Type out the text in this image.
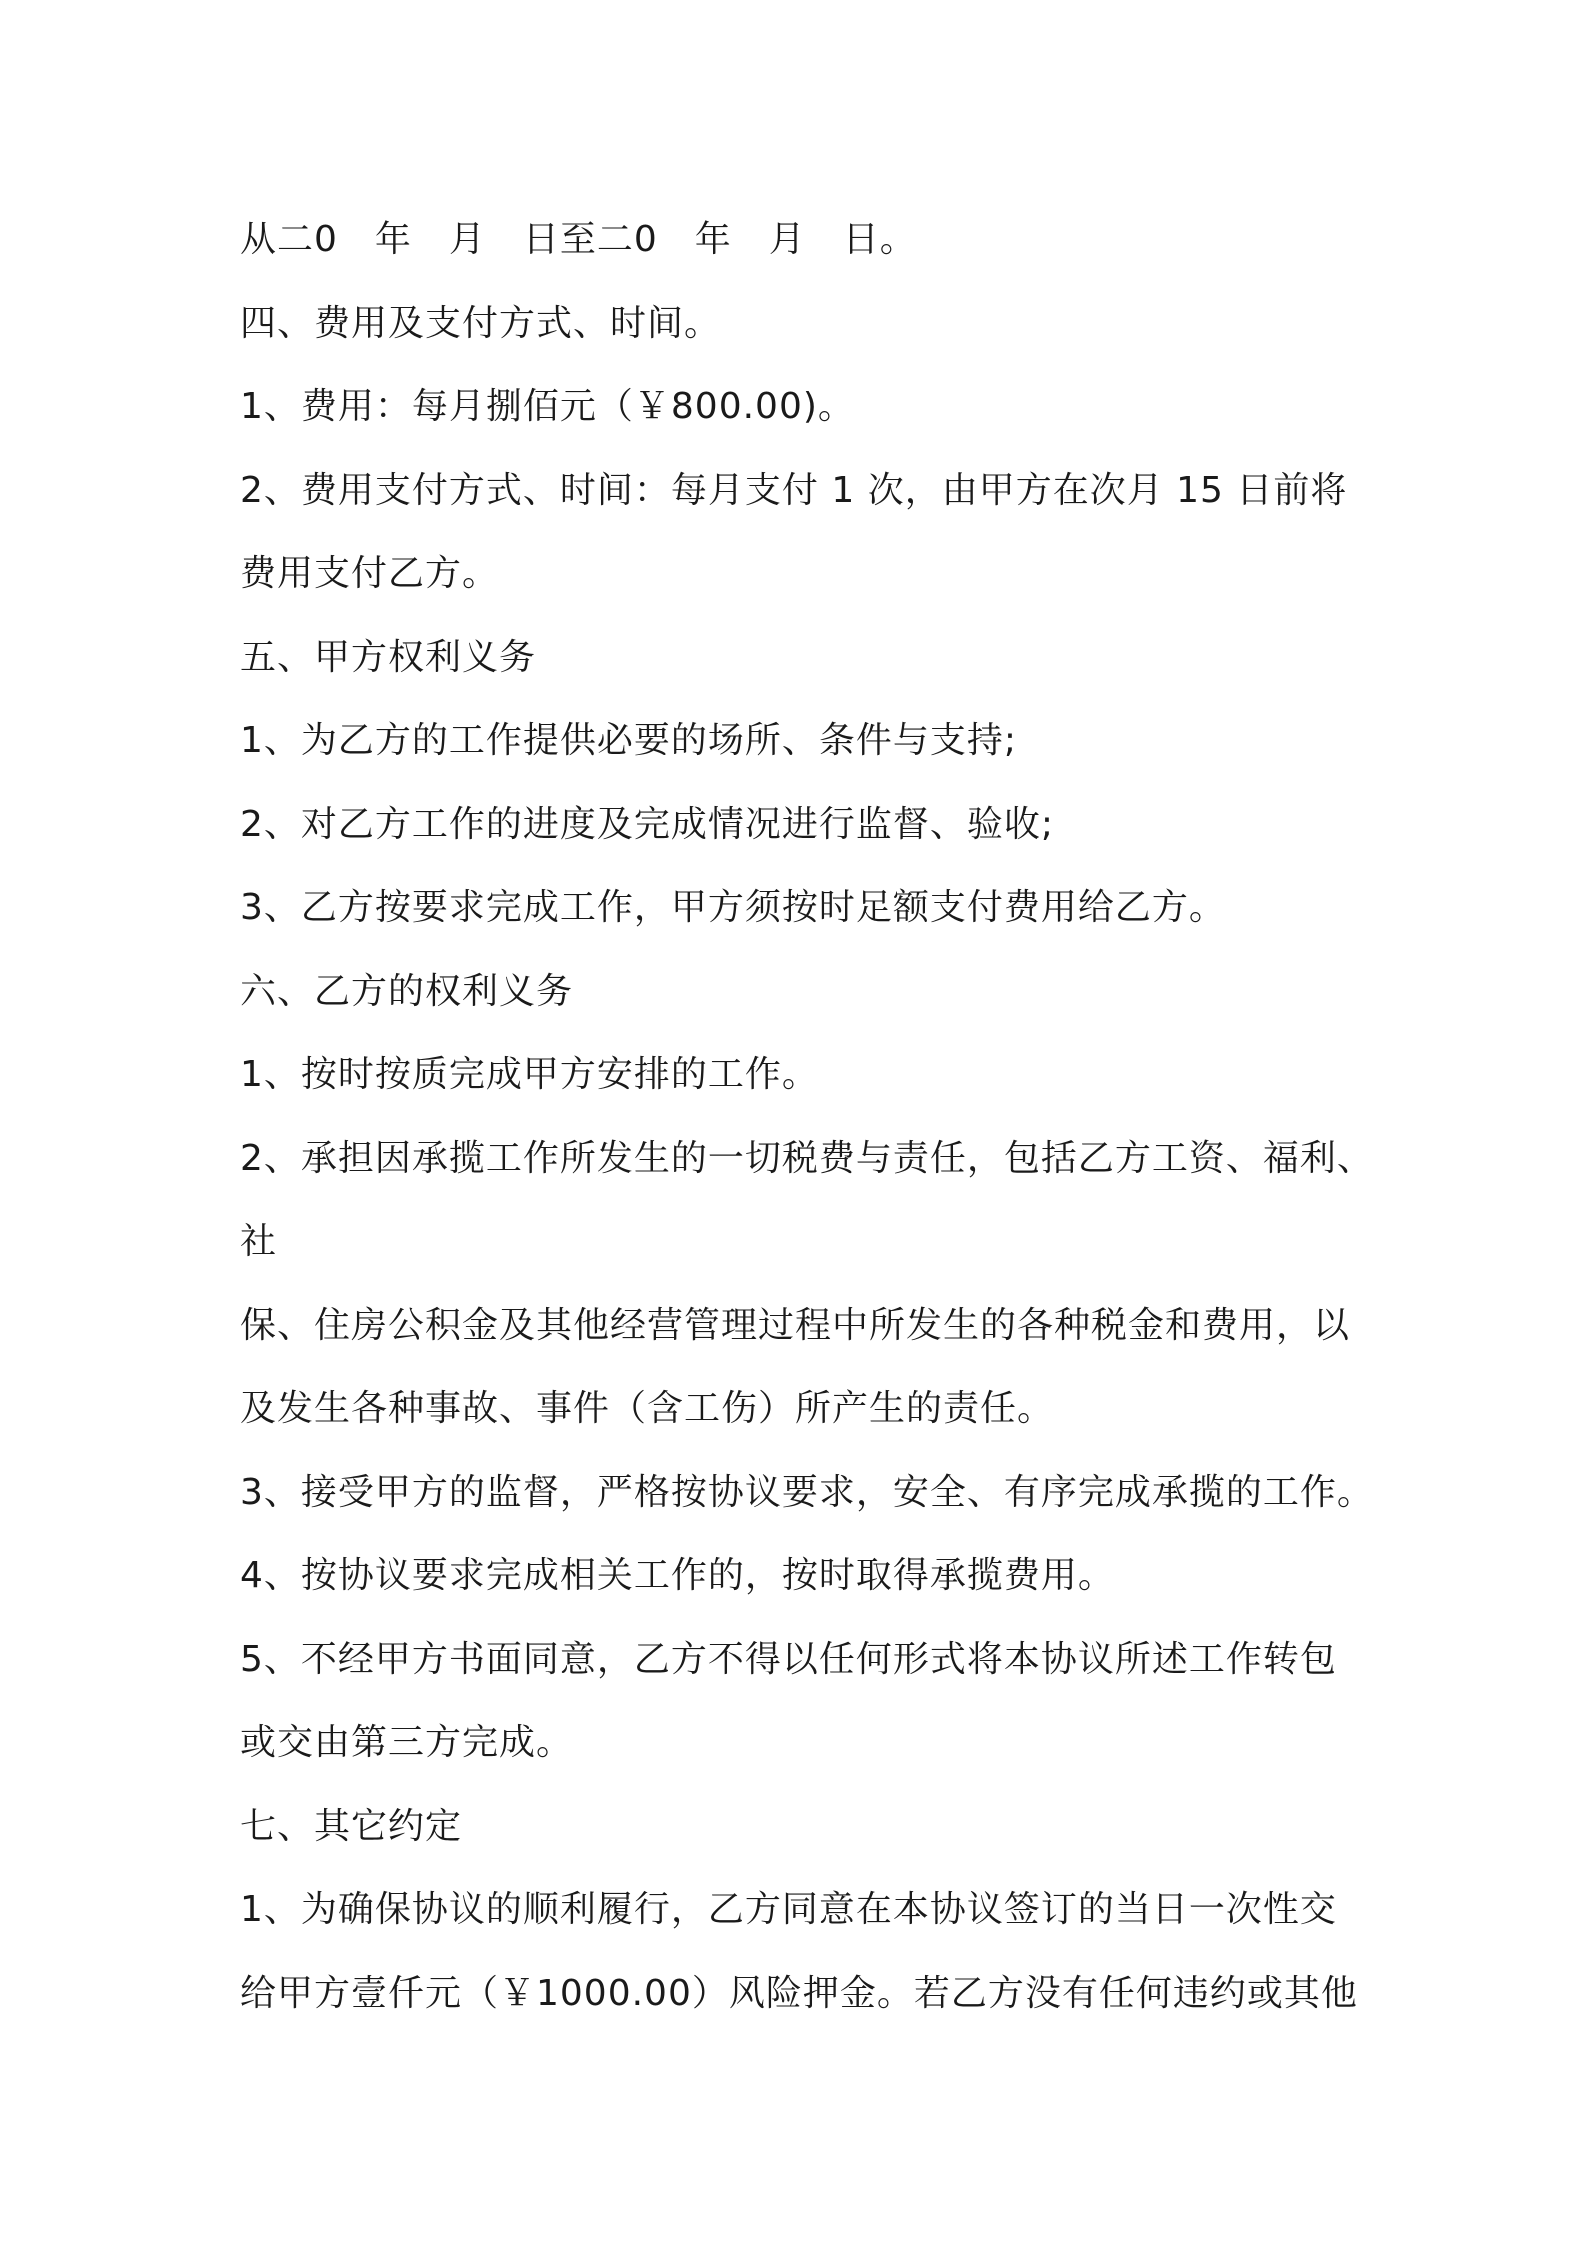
从二0　年　月　日至二0　年　月　日。
四、费用及支付方式、时间。
1、费用：每月捌佰元（￥800.00)。
2、费用支付方式、时间：每月支付 1 次，由甲方在次月 15 日前将
费用支付乙方。
五、甲方权利义务
1、为乙方的工作提供必要的场所、条件与支持;
2、对乙方工作的进度及完成情况进行监督、验收;
3、乙方按要求完成工作，甲方须按时足额支付费用给乙方。
六、乙方的权利义务
1、按时按质完成甲方安排的工作。
2、承担因承揽工作所发生的一切税费与责任，包括乙方工资、福利、
社
保、住房公积金及其他经营管理过程中所发生的各种税金和费用，以
及发生各种事故、事件（含工伤）所产生的责任。
3、接受甲方的监督，严格按协议要求，安全、有序完成承揽的工作。
4、按协议要求完成相关工作的，按时取得承揽费用。
5、不经甲方书面同意，乙方不得以任何形式将本协议所述工作转包
或交由第三方完成。
七、其它约定
1、为确保协议的顺利履行，乙方同意在本协议签订的当日一次性交
给甲方壹仟元（￥1000.00）风险押金。若乙方没有任何违约或其他
